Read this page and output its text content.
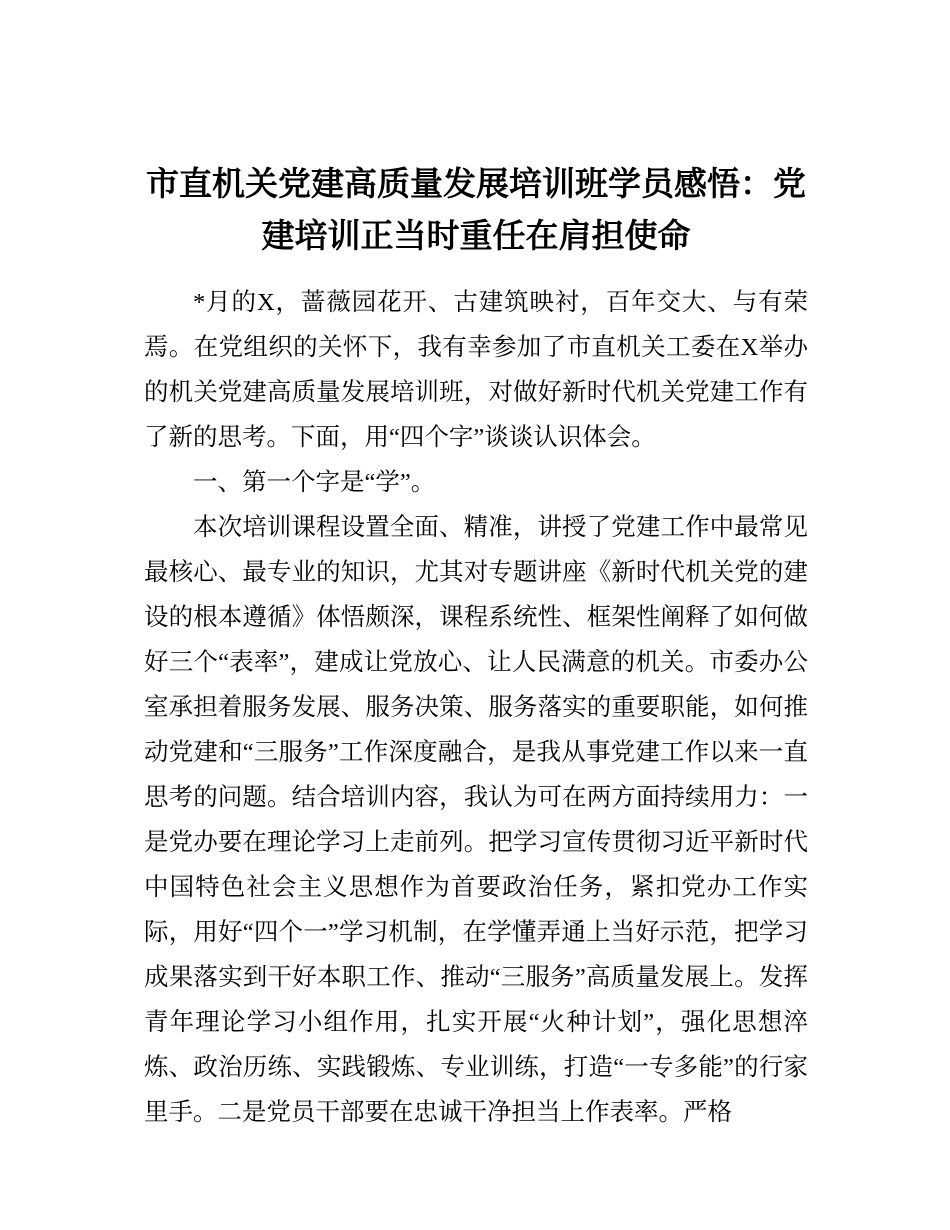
市直机关党建高质量发展培训班学员感悟：党建培训正当时重任在肩担使命

*月的X，蔷薇园花开、古建筑映衬，百年交大、与有荣焉。在党组织的关怀下，我有幸参加了市直机关工委在X举办的机关党建高质量发展培训班，对做好新时代机关党建工作有了新的思考。下面，用“四个字”谈谈认识体会。

一、第一个字是“学”。

本次培训课程设置全面、精准，讲授了党建工作中最常见最核心、最专业的知识，尤其对专题讲座《新时代机关党的建设的根本遵循》体悟颇深，课程系统性、框架性阐释了如何做好三个“表率”，建成让党放心、让人民满意的机关。市委办公室承担着服务发展、服务决策、服务落实的重要职能，如何推动党建和“三服务”工作深度融合，是我从事党建工作以来一直思考的问题。结合培训内容，我认为可在两方面持续用力：一是党办要在理论学习上走前列。把学习宣传贯彻习近平新时代中国特色社会主义思想作为首要政治任务，紧扣党办工作实际，用好“四个一”学习机制，在学懂弄通上当好示范，把学习成果落实到干好本职工作、推动“三服务”高质量发展上。发挥青年理论学习小组作用，扎实开展“火种计划”，强化思想淬炼、政治历练、实践锻炼、专业训练，打造“一专多能”的行家里手。二是党员干部要在忠诚干净担当上作表率。严格
